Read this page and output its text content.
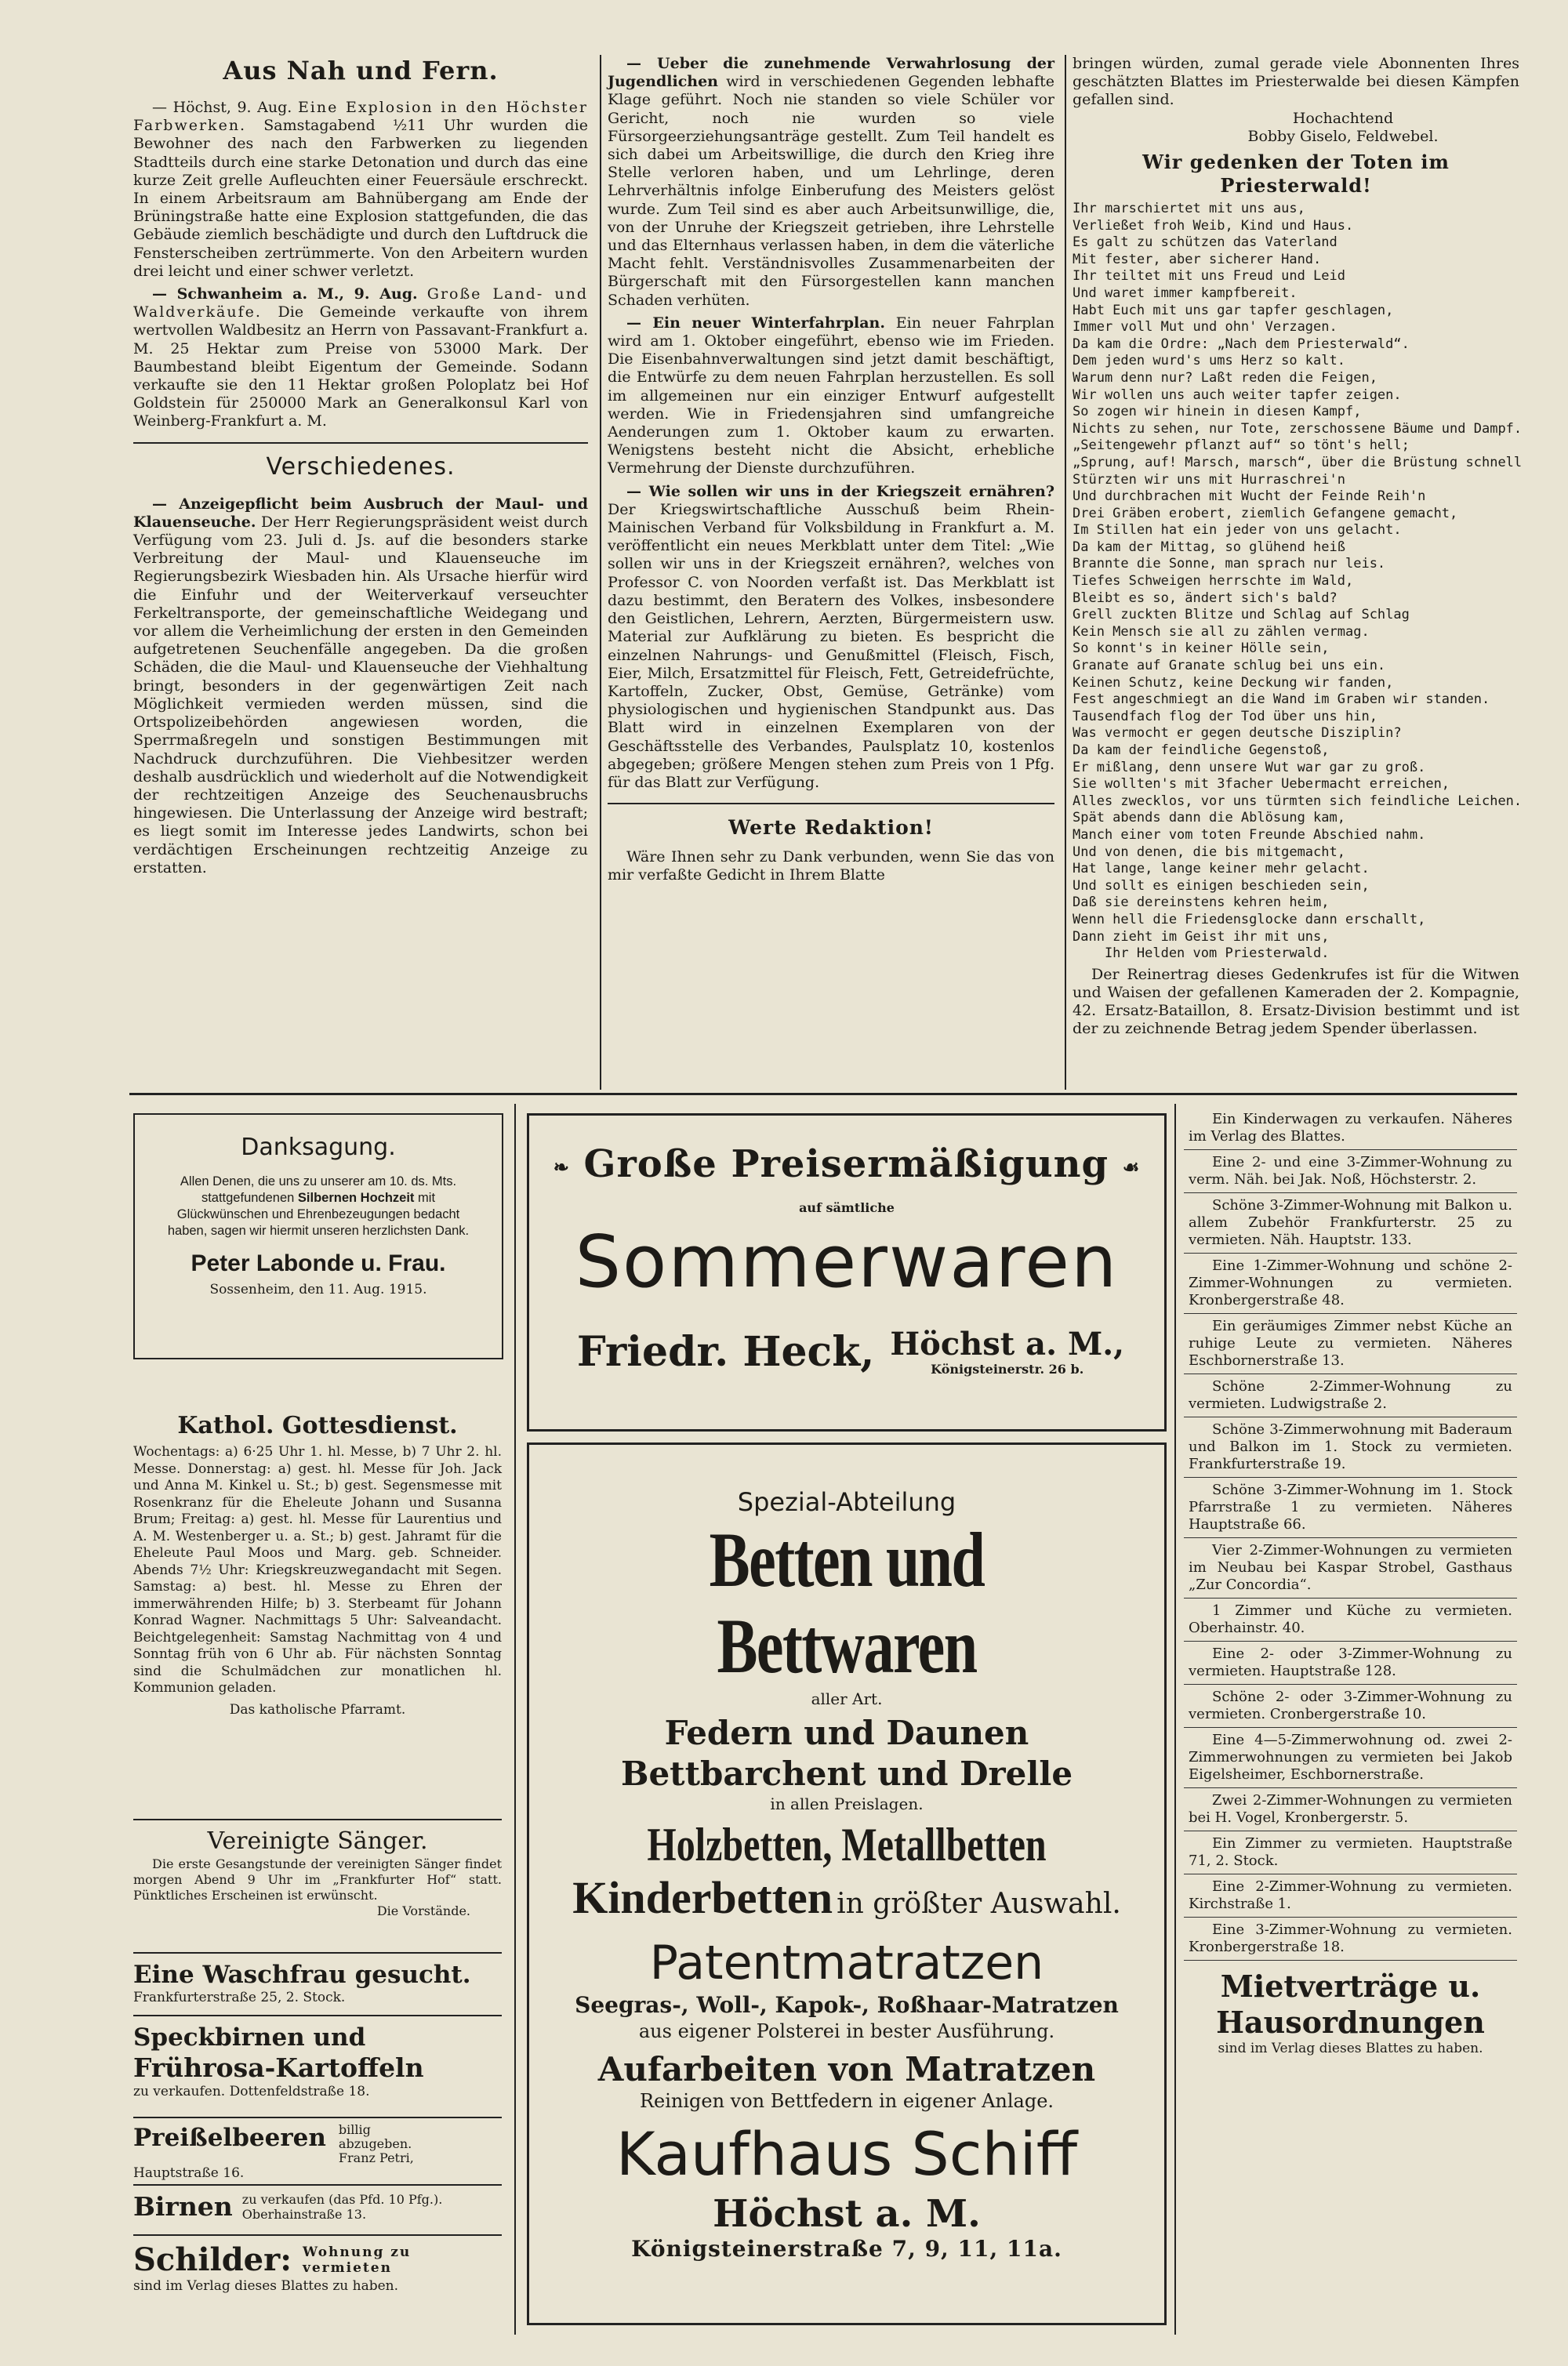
Aus Nah und Fern.

— Höchst, 9. Aug. Eine Explosion in den Höchster Farbwerken. Samstagabend ½11 Uhr wurden die Bewohner des nach den Farbwerken zu liegenden Stadtteils durch eine starke Detonation und durch das eine kurze Zeit grelle Aufleuchten einer Feuersäule erschreckt. In einem Arbeitsraum am Bahnübergang am Ende der Brüningstraße hatte eine Explosion stattgefunden, die das Gebäude ziemlich beschädigte und durch den Luftdruck die Fensterscheiben zertrümmerte. Von den Arbeitern wurden drei leicht und einer schwer verletzt.

— Schwanheim a. M., 9. Aug. Große Land- und Waldverkäufe. Die Gemeinde verkaufte von ihrem wertvollen Waldbesitz an Herrn von Passavant-Frankfurt a. M. 25 Hektar zum Preise von 53000 Mark. Der Baumbestand bleibt Eigentum der Gemeinde. Sodann verkaufte sie den 11 Hektar großen Poloplatz bei Hof Goldstein für 250000 Mark an Generalkonsul Karl von Weinberg-Frankfurt a. M.

Verschiedenes.

— Anzeigepflicht beim Ausbruch der Maul- und Klauenseuche. Der Herr Regierungspräsident weist durch Verfügung vom 23. Juli d. Js. auf die besonders starke Verbreitung der Maul- und Klauenseuche im Regierungsbezirk Wiesbaden hin. Als Ursache hierfür wird die Einfuhr und der Weiterverkauf verseuchter Ferkeltransporte, der gemeinschaftliche Weidegang und vor allem die Verheimlichung der ersten in den Gemeinden aufgetretenen Seuchenfälle angegeben. Da die großen Schäden, die die Maul- und Klauenseuche der Viehhaltung bringt, besonders in der gegenwärtigen Zeit nach Möglichkeit vermieden werden müssen, sind die Ortspolizeibehörden angewiesen worden, die Sperrmaßregeln und sonstigen Bestimmungen mit Nachdruck durchzuführen. Die Viehbesitzer werden deshalb ausdrücklich und wiederholt auf die Notwendigkeit der rechtzeitigen Anzeige des Seuchenausbruchs hingewiesen. Die Unterlassung der Anzeige wird bestraft; es liegt somit im Interesse jedes Landwirts, schon bei verdächtigen Erscheinungen rechtzeitig Anzeige zu erstatten.

— Ueber die zunehmende Verwahrlosung der Jugendlichen wird in verschiedenen Gegenden lebhafte Klage geführt. Noch nie standen so viele Schüler vor Gericht, noch nie wurden so viele Fürsorgeerziehungsanträge gestellt. Zum Teil handelt es sich dabei um Arbeitswillige, die durch den Krieg ihre Stelle verloren haben, und um Lehrlinge, deren Lehrverhältnis infolge Einberufung des Meisters gelöst wurde. Zum Teil sind es aber auch Arbeitsunwillige, die, von der Unruhe der Kriegszeit getrieben, ihre Lehrstelle und das Elternhaus verlassen haben, in dem die väterliche Macht fehlt. Verständnisvolles Zusammenarbeiten der Bürgerschaft mit den Fürsorgestellen kann manchen Schaden verhüten.

— Ein neuer Winterfahrplan. Ein neuer Fahrplan wird am 1. Oktober eingeführt, ebenso wie im Frieden. Die Eisenbahnverwaltungen sind jetzt damit beschäftigt, die Entwürfe zu dem neuen Fahrplan herzustellen. Es soll im allgemeinen nur ein einziger Entwurf aufgestellt werden. Wie in Friedensjahren sind umfangreiche Aenderungen zum 1. Oktober kaum zu erwarten. Wenigstens besteht nicht die Absicht, erhebliche Vermehrung der Dienste durchzuführen.

— Wie sollen wir uns in der Kriegszeit ernähren? Der Kriegswirtschaftliche Ausschuß beim Rhein-Mainischen Verband für Volksbildung in Frankfurt a. M. veröffentlicht ein neues Merkblatt unter dem Titel: „Wie sollen wir uns in der Kriegszeit ernähren?, welches von Professor C. von Noorden verfaßt ist. Das Merkblatt ist dazu bestimmt, den Beratern des Volkes, insbesondere den Geistlichen, Lehrern, Aerzten, Bürgermeistern usw. Material zur Aufklärung zu bieten. Es bespricht die einzelnen Nahrungs- und Genußmittel (Fleisch, Fisch, Eier, Milch, Ersatzmittel für Fleisch, Fett, Getreidefrüchte, Kartoffeln, Zucker, Obst, Gemüse, Getränke) vom physiologischen und hygienischen Standpunkt aus. Das Blatt wird in einzelnen Exemplaren von der Geschäftsstelle des Verbandes, Paulsplatz 10, kostenlos abgegeben; größere Mengen stehen zum Preis von 1 Pfg. für das Blatt zur Verfügung.

Werte Redaktion!

Wäre Ihnen sehr zu Dank verbunden, wenn Sie das von mir verfaßte Gedicht in Ihrem Blatte

bringen würden, zumal gerade viele Abonnenten Ihres geschätzten Blattes im Priesterwalde bei diesen Kämpfen gefallen sind.

Hochachtend
Bobby Giselo, Feldwebel.
Wir gedenken der Toten im Priesterwald!
Ihr marschiertet mit uns aus,
Verließet froh Weib, Kind und Haus.
Es galt zu schützen das Vaterland
Mit fester, aber sicherer Hand.
Ihr teiltet mit uns Freud und Leid
Und waret immer kampfbereit.
Habt Euch mit uns gar tapfer geschlagen,
Immer voll Mut und ohn' Verzagen.
Da kam die Ordre: „Nach dem Priesterwald“.
Dem jeden wurd's ums Herz so kalt.
Warum denn nur? Laßt reden die Feigen,
Wir wollen uns auch weiter tapfer zeigen.
So zogen wir hinein in diesen Kampf,
Nichts zu sehen, nur Tote, zerschossene Bäume und Dampf.
„Seitengewehr pflanzt auf“ so tönt's hell;
„Sprung, auf! Marsch, marsch“, über die Brüstung schnell
Stürzten wir uns mit Hurraschrei'n
Und durchbrachen mit Wucht der Feinde Reih'n
Drei Gräben erobert, ziemlich Gefangene gemacht,
Im Stillen hat ein jeder von uns gelacht.
Da kam der Mittag, so glühend heiß
Brannte die Sonne, man sprach nur leis.
Tiefes Schweigen herrschte im Wald,
Bleibt es so, ändert sich's bald?
Grell zuckten Blitze und Schlag auf Schlag
Kein Mensch sie all zu zählen vermag.
So konnt's in keiner Hölle sein,
Granate auf Granate schlug bei uns ein.
Keinen Schutz, keine Deckung wir fanden,
Fest angeschmiegt an die Wand im Graben wir standen.
Tausendfach flog der Tod über uns hin,
Was vermocht er gegen deutsche Disziplin?
Da kam der feindliche Gegenstoß,
Er mißlang, denn unsere Wut war gar zu groß.
Sie wollten's mit 3facher Uebermacht erreichen,
Alles zwecklos, vor uns türmten sich feindliche Leichen.
Spät abends dann die Ablösung kam,
Manch einer vom toten Freunde Abschied nahm.
Und von denen, die bis mitgemacht,
Hat lange, lange keiner mehr gelacht.
Und sollt es einigen beschieden sein,
Daß sie dereinstens kehren heim,
Wenn hell die Friedensglocke dann erschallt,
Dann zieht im Geist ihr mit uns,
Ihr Helden vom Priesterwald.

Der Reinertrag dieses Gedenkrufes ist für die Witwen und Waisen der gefallenen Kameraden der 2. Kompagnie, 42. Ersatz-Bataillon, 8. Ersatz-Division bestimmt und ist der zu zeichnende Betrag jedem Spender überlassen.

Danksagung.
Allen Denen, die uns zu unserer am 10. ds. Mts. stattgefundenen Silbernen Hochzeit mit Glückwünschen und Ehrenbezeugungen bedacht haben, sagen wir hiermit unseren herzlichsten Dank.
Peter Labonde u. Frau.
Sossenheim, den 11. Aug. 1915.
Kathol. Gottesdienst.
Wochentags: a) 6·25 Uhr 1. hl. Messe, b) 7 Uhr 2. hl. Messe. Donnerstag: a) gest. hl. Messe für Joh. Jack und Anna M. Kinkel u. St.; b) gest. Segensmesse mit Rosenkranz für die Eheleute Johann und Susanna Brum; Freitag: a) gest. hl. Messe für Laurentius und A. M. Westenberger u. a. St.; b) gest. Jahramt für die Eheleute Paul Moos und Marg. geb. Schneider. Abends 7½ Uhr: Kriegskreuzwegandacht mit Segen. Samstag: a) best. hl. Messe zu Ehren der immerwährenden Hilfe; b) 3. Sterbeamt für Johann Konrad Wagner. Nachmittags 5 Uhr: Salveandacht. Beichtgelegenheit: Samstag Nachmittag von 4 und Sonntag früh von 6 Uhr ab. Für nächsten Sonntag sind die Schulmädchen zur monatlichen hl. Kommunion geladen.
Das katholische Pfarramt.
Vereinigte Sänger.
Die erste Gesangstunde der vereinigten Sänger findet morgen Abend 9 Uhr im „Frankfurter Hof“ statt. Pünktliches Erscheinen ist erwünscht.
Die Vorstände.
Eine Waschfrau gesucht.
Frankfurterstraße 25, 2. Stock.
Speckbirnen und
Frührosa-Kartoffeln
zu verkaufen. Dottenfeldstraße 18.
Preißelbeeren billig abzugeben. Franz Petri,
Hauptstraße 16.
Birnen zu verkaufen (das Pfd. 10 Pfg.). Oberhainstraße 13.
Schilder: Wohnung zu vermieten
sind im Verlag dieses Blattes zu haben.
❧ Große Preisermäßigung ☙
auf sämtliche
Sommerwaren
Friedr. Heck, Höchst a. M.,
Königsteinerstr. 26 b.
Spezial-Abteilung
Betten und Bettwaren
aller Art.
Federn und Daunen
Bettbarchent und Drelle
in allen Preislagen.
Holzbetten, Metallbetten
Kinderbetten in größter Auswahl.
Patentmatratzen
Seegras-, Woll-, Kapok-, Roßhaar-Matratzen
aus eigener Polsterei in bester Ausführung.
Aufarbeiten von Matratzen
Reinigen von Bettfedern in eigener Anlage.
Kaufhaus Schiff
Höchst a. M.
Königsteinerstraße 7, 9, 11, 11a.

Ein Kinderwagen zu verkaufen. Näheres im Verlag des Blattes.

Eine 2- und eine 3-Zimmer-Wohnung zu verm. Näh. bei Jak. Noß, Höchsterstr. 2.

Schöne 3-Zimmer-Wohnung mit Balkon u. allem Zubehör Frankfurterstr. 25 zu vermieten. Näh. Hauptstr. 133.

Eine 1-Zimmer-Wohnung und schöne 2-Zimmer-Wohnungen zu vermieten. Kronbergerstraße 48.

Ein geräumiges Zimmer nebst Küche an ruhige Leute zu vermieten. Näheres Eschbornerstraße 13.

Schöne 2-Zimmer-Wohnung zu vermieten. Ludwigstraße 2.

Schöne 3-Zimmerwohnung mit Baderaum und Balkon im 1. Stock zu vermieten. Frankfurterstraße 19.

Schöne 3-Zimmer-Wohnung im 1. Stock Pfarrstraße 1 zu vermieten. Näheres Hauptstraße 66.

Vier 2-Zimmer-Wohnungen zu vermieten im Neubau bei Kaspar Strobel, Gasthaus „Zur Concordia“.

1 Zimmer und Küche zu vermieten. Oberhainstr. 40.

Eine 2- oder 3-Zimmer-Wohnung zu vermieten. Hauptstraße 128.

Schöne 2- oder 3-Zimmer-Wohnung zu vermieten. Cronbergerstraße 10.

Eine 4—5-Zimmerwohnung od. zwei 2-Zimmerwohnungen zu vermieten bei Jakob Eigelsheimer, Eschbornerstraße.

Zwei 2-Zimmer-Wohnungen zu vermieten bei H. Vogel, Kronbergerstr. 5.

Ein Zimmer zu vermieten. Hauptstraße 71, 2. Stock.

Eine 2-Zimmer-Wohnung zu vermieten. Kirchstraße 1.

Eine 3-Zimmer-Wohnung zu vermieten. Kronbergerstraße 18.

Mietverträge u.
Hausordnungen
sind im Verlag dieses Blattes zu haben.
